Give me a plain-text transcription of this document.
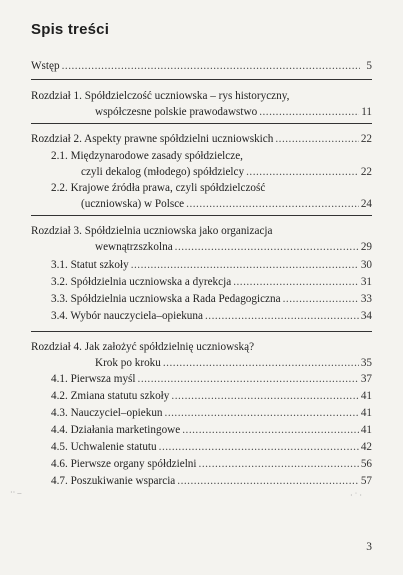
Spis treści
Wstęp .....	5
Rozdział 1. Spółdzielczość uczniowska – rys historyczny,
współczesne polskie prawodawstwo .....	11
Rozdział 2. Aspekty prawne spółdzielni uczniowskich .....	22
2.1. Międzynarodowe zasady spółdzielcze,
czyli dekalog (młodego) spółdzielcy .....	22
2.2. Krajowe źródła prawa, czyli spółdzielczość
(uczniowska) w Polsce .....	24
Rozdział 3. Spółdzielnia uczniowska jako organizacja
wewnątrzszkolna .....	29
3.1. Statut szkoły .....	30
3.2. Spółdzielnia uczniowska a dyrekcja .....	31
3.3. Spółdzielnia uczniowska a Rada Pedagogiczna .....	33
3.4. Wybór nauczyciela–opiekuna .....	34
Rozdział 4. Jak założyć spółdzielnię uczniowską?
Krok po kroku .....	35
4.1. Pierwsza myśl .....	37
4.2. Zmiana statutu szkoły .....	41
4.3. Nauczyciel–opiekun .....	41
4.4. Działania marketingowe .....	41
4.5. Uchwalenie statutu .....	42
4.6. Pierwsze organy spółdzielni .....	56
4.7. Poszukiwanie wsparcia .....	57
·· –	· ˙ ·
3
